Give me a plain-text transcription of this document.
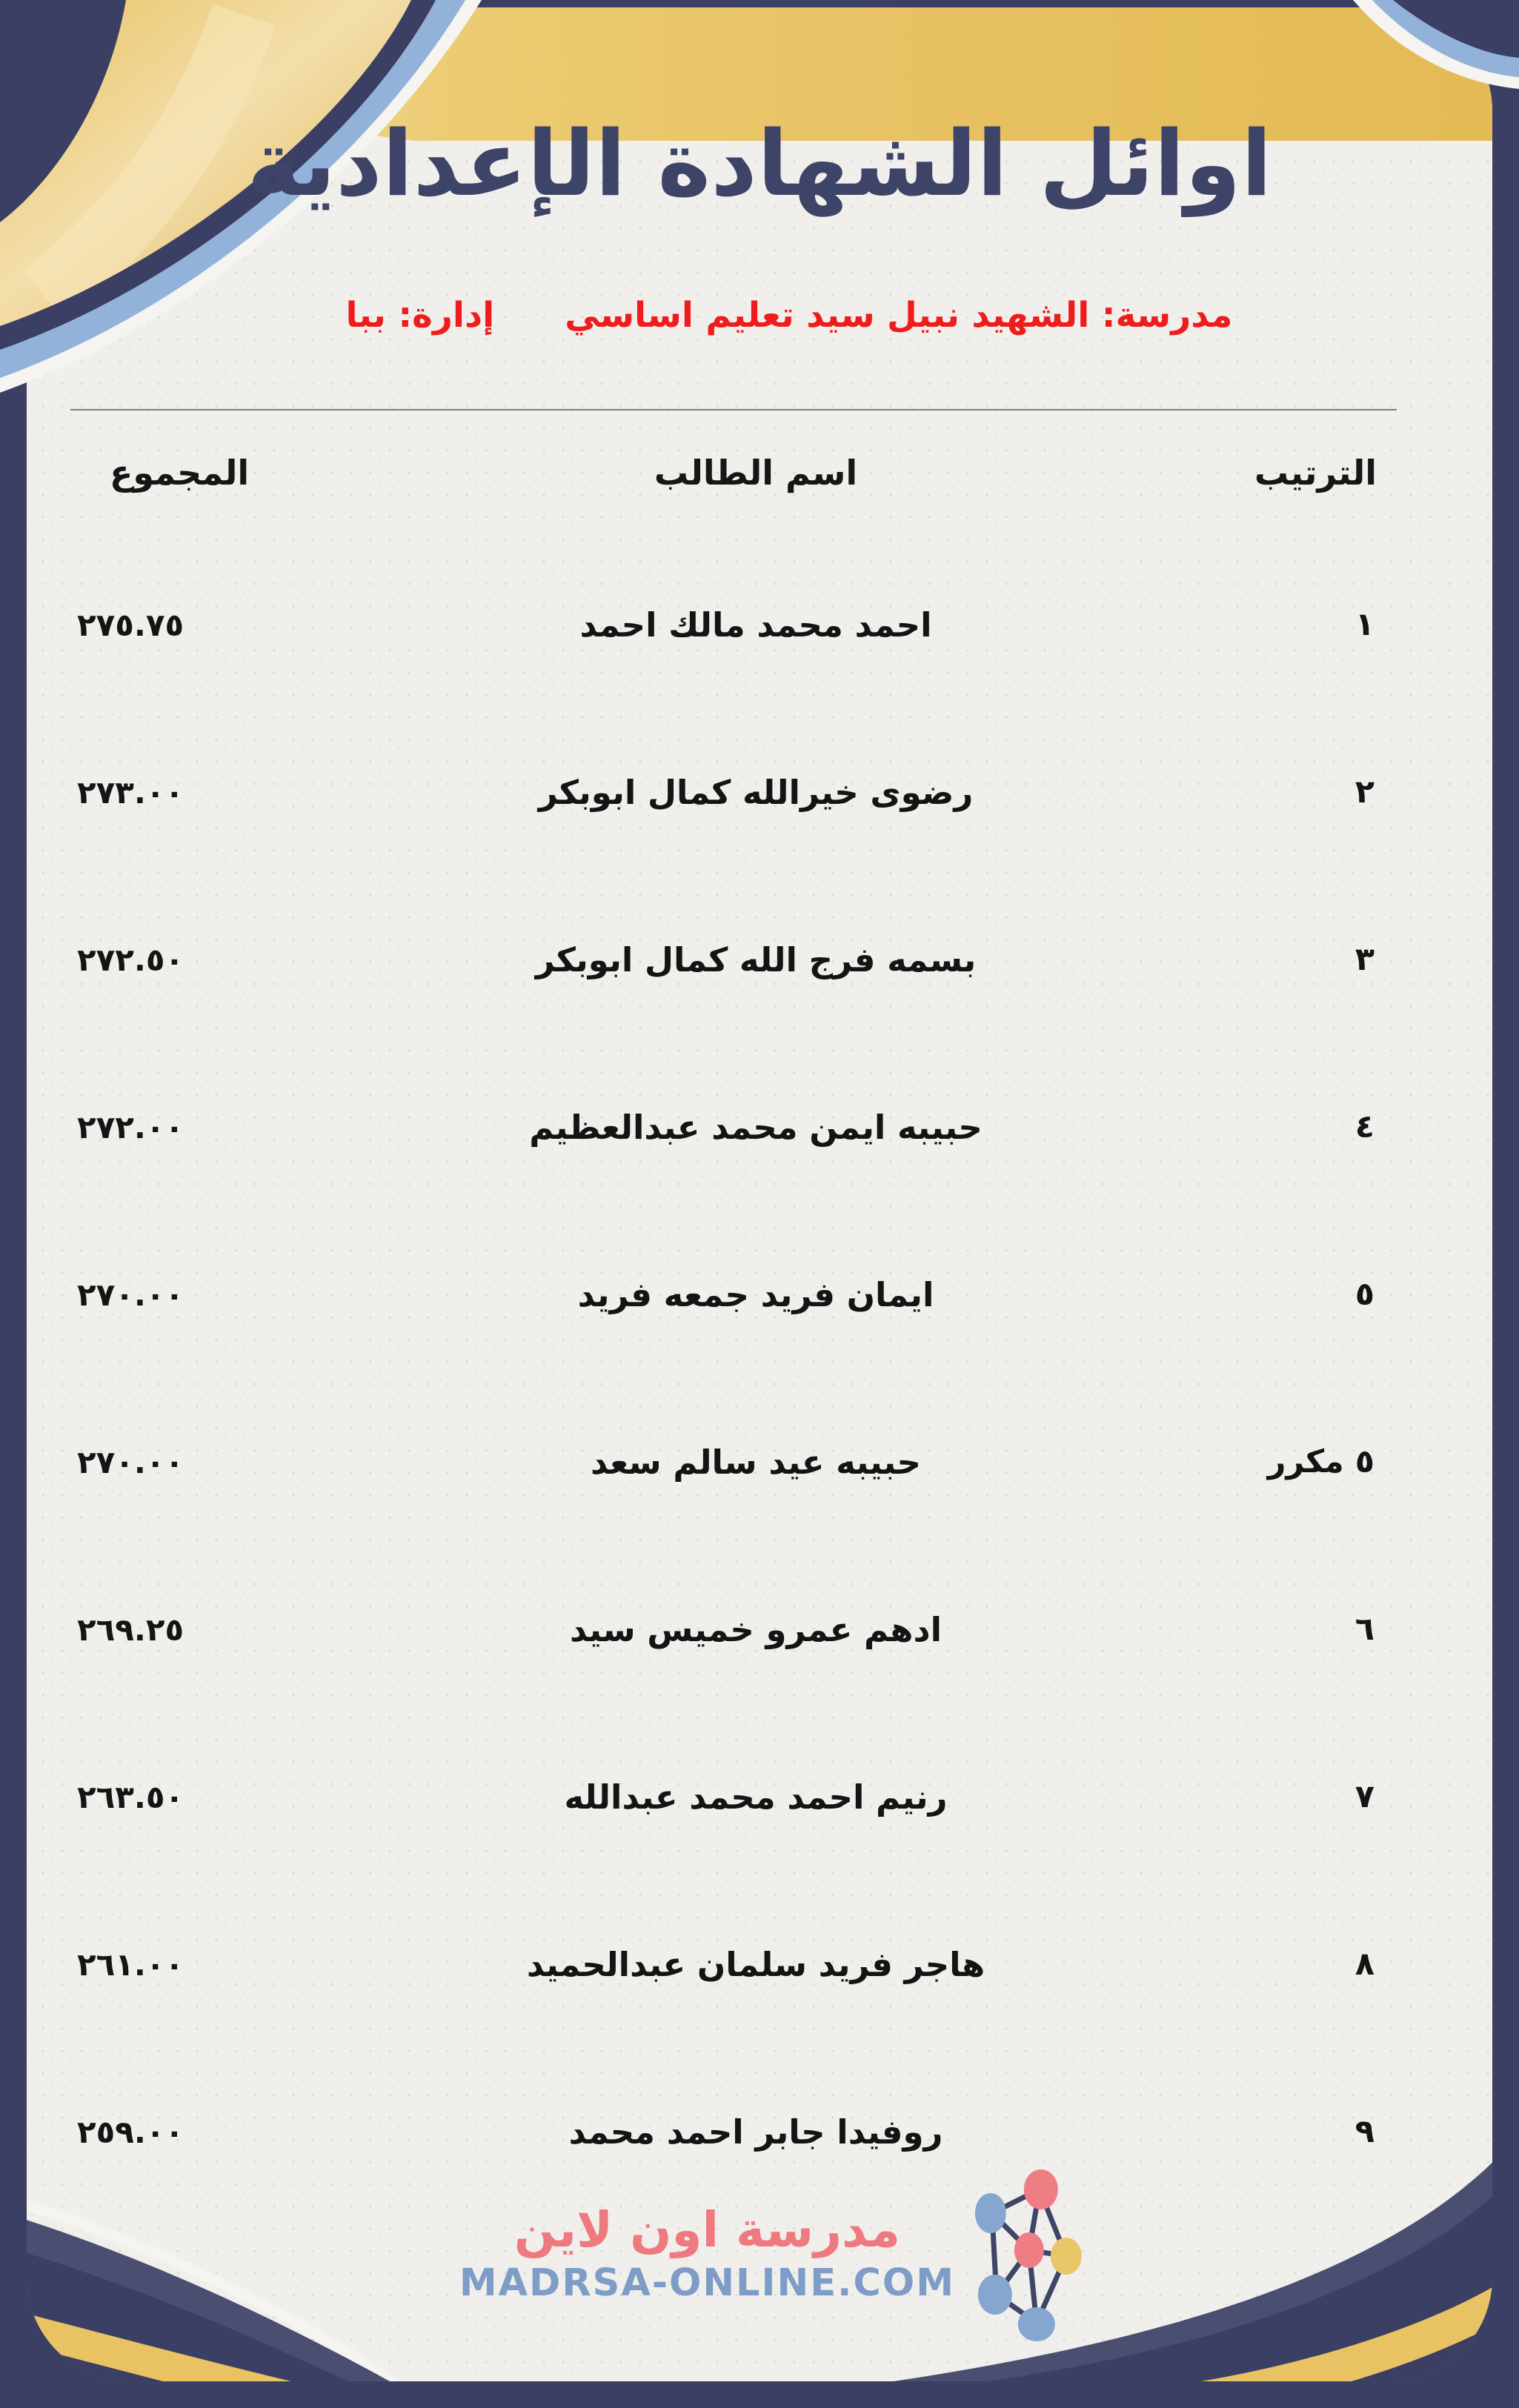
اوائل الشهادة الإعدادية
مدرسة: الشهيد نبيل سيد تعليم اساسي
إدارة: ببا
الترتيب
اسم الطالب
المجموع
١
احمد محمد مالك احمد
٢٧٥.٧٥
٢
رضوى خيرالله كمال ابوبكر
٢٧٣.٠٠
٣
بسمه فرج الله كمال ابوبكر
٢٧٢.٥٠
٤
حبيبه ايمن محمد عبدالعظيم
٢٧٢.٠٠
٥
ايمان فريد جمعه فريد
٢٧٠.٠٠
٥ مكرر
حبيبه عيد سالم سعد
٢٧٠.٠٠
٦
ادهم عمرو خميس سيد
٢٦٩.٢٥
٧
رنيم احمد محمد عبدالله
٢٦٣.٥٠
٨
هاجر فريد سلمان عبدالحميد
٢٦١.٠٠
٩
روفيدا جابر احمد محمد
٢٥٩.٠٠
مدرسة اون لاين
MADRSA-ONLINE.COM
